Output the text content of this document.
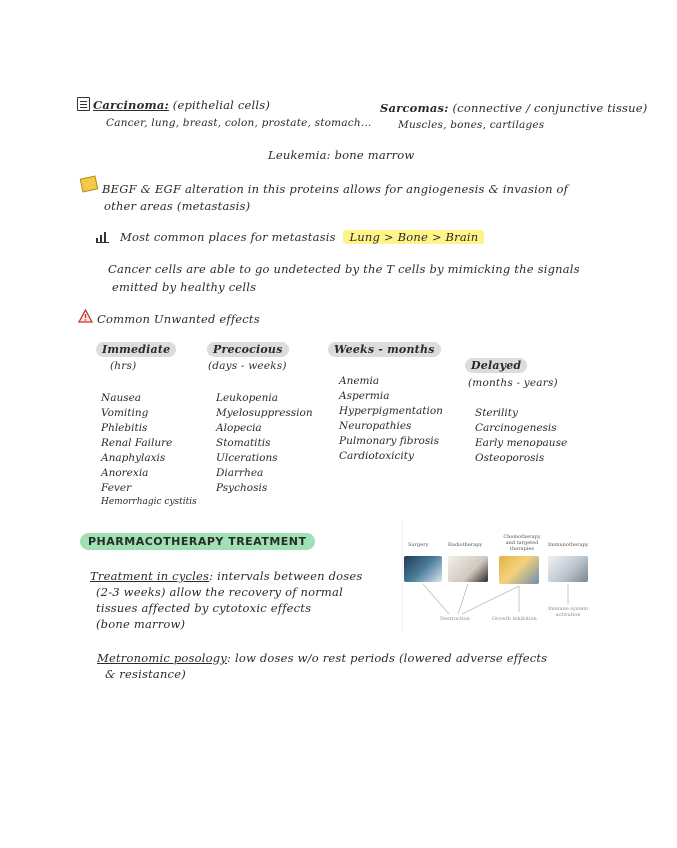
Carcinoma: (epithelial cells)
Cancer, lung, breast, colon, prostate, stomach…
Sarcomas: (connective / conjunctive tissue)
Muscles, bones, cartilages
Leukemia: bone marrow
BEGF & EGF alteration in this proteins allows for angiogenesis & invasion of
other areas (metastasis)
Most common places for metastasis Lung > Bone > Brain
Cancer cells are able to go undetected by the T cells by mimicking the signals
emitted by healthy cells
Common Unwanted effects
Immediate
(hrs)
Precocious
(days - weeks)
Weeks - months
Delayed
(months - years)
Nausea
Vomiting
Phlebitis
Renal Failure
Anaphylaxis
Anorexia
Fever
Hemorrhagic cystitis
Leukopenia
Myelosuppression
Alopecia
Stomatitis
Ulcerations
Diarrhea
Psychosis
Anemia
Aspermia
Hyperpigmentation
Neuropathies
Pulmonary fibrosis
Cardiotoxicity
Sterility
Carcinogenesis
Early menopause
Osteoporosis
PHARMACOTHERAPY TREATMENT
Treatment in cycles: intervals between doses
(2-3 weeks) allow the recovery of normal
tissues affected by cytotoxic effects
(bone marrow)
Metronomic posology: low doses w/o rest periods (lowered adverse effects
& resistance)
Surgery	Radiotherapy
Chemotherapy and targeted therapies
Immunotherapy
Destruction	Growth inhibition
Immune system activation
